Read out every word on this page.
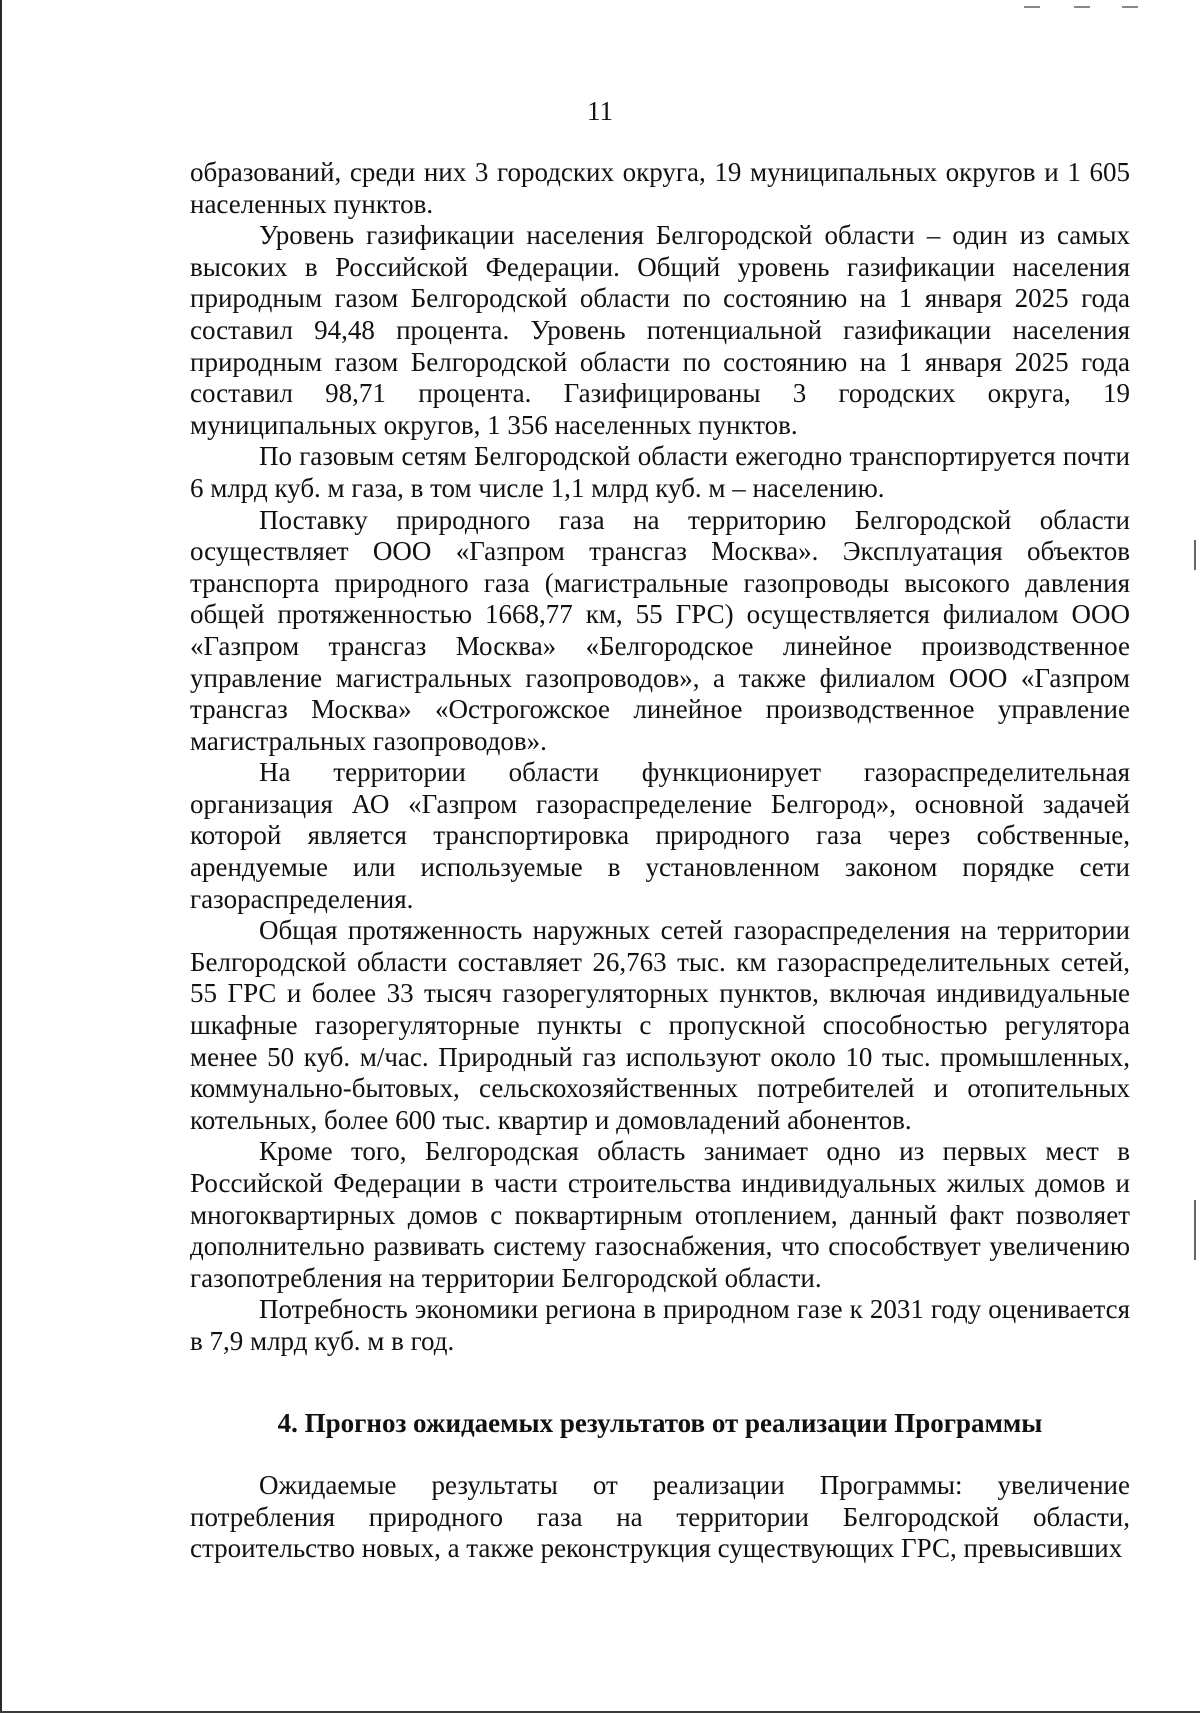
11

образований, среди них 3 городских округа, 19 муниципальных округов и 1 605 населенных пунктов.

Уровень газификации населения Белгородской области – один из самых высоких в Российской Федерации. Общий уровень газификации населения природным газом Белгородской области по состоянию на 1 января 2025 года составил 94,48 процента. Уровень потенциальной газификации населения природным газом Белгородской области по состоянию на 1 января 2025 года составил 98,71 процента. Газифицированы 3 городских округа, 19 муниципальных округов, 1 356 населенных пунктов.

По газовым сетям Белгородской области ежегодно транспортируется почти 6 млрд куб. м газа, в том числе 1,1 млрд куб. м – населению.

Поставку природного газа на территорию Белгородской области осуществляет ООО «Газпром трансгаз Москва». Эксплуатация объектов транспорта природного газа (магистральные газопроводы высокого давления общей протяженностью 1668,77 км, 55 ГРС) осуществляется филиалом ООО «Газпром трансгаз Москва» «Белгородское линейное производственное управление магистральных газопроводов», а также филиалом ООО «Газпром трансгаз Москва» «Острогожское линейное производственное управление магистральных газопроводов».

На территории области функционирует газораспределительная организация АО «Газпром газораспределение Белгород», основной задачей которой является транспортировка природного газа через собственные, арендуемые или используемые в установленном законом порядке сети газораспределения.

Общая протяженность наружных сетей газораспределения на территории Белгородской области составляет 26,763 тыс. км газораспределительных сетей, 55 ГРС и более 33 тысяч газорегуляторных пунктов, включая индивидуальные шкафные газорегуляторные пункты с пропускной способностью регулятора менее 50 куб. м/час. Природный газ используют около 10 тыс. промышленных, коммунально-бытовых, сельскохозяйственных потребителей и отопительных котельных, более 600 тыс. квартир и домовладений абонентов.

Кроме того, Белгородская область занимает одно из первых мест в Российской Федерации в части строительства индивидуальных жилых домов и многоквартирных домов с поквартирным отоплением, данный факт позволяет дополнительно развивать систему газоснабжения, что способствует увеличению газопотребления на территории Белгородской области.

Потребность экономики региона в природном газе к 2031 году оценивается в 7,9 млрд куб. м в год.

4. Прогноз ожидаемых результатов от реализации Программы

Ожидаемые результаты от реализации Программы: увеличение потребления природного газа на территории Белгородской области, строительство новых, а также реконструкция существующих ГРС, превысивших
